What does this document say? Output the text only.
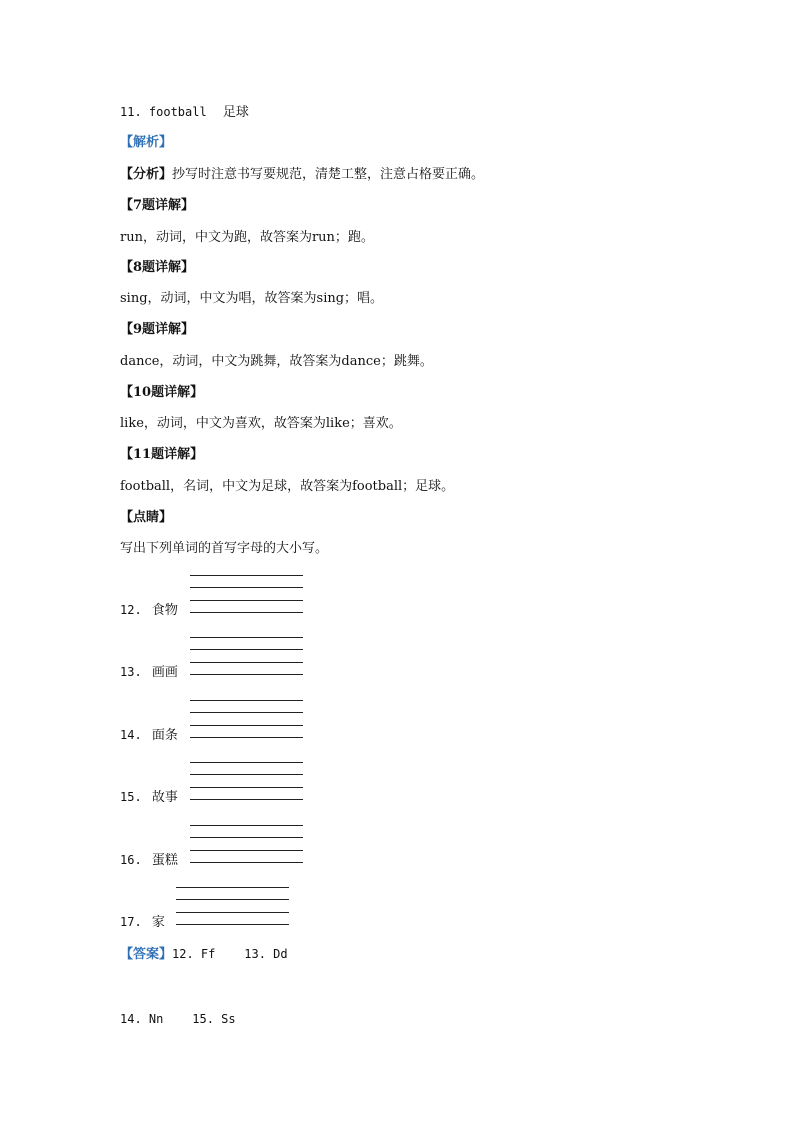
11. football 足球
【解析】
【分析】抄写时注意书写要规范，清楚工整，注意占格要正确。
【7题详解】
run，动词，中文为跑，故答案为run；跑。
【8题详解】
sing，动词，中文为唱，故答案为sing；唱。
【9题详解】
dance，动词，中文为跳舞，故答案为dance；跳舞。
【10题详解】
like，动词，中文为喜欢，故答案为like；喜欢。
【11题详解】
football，名词，中文为足球，故答案为football；足球。
【点睛】
写出下列单词的首写字母的大小写。
12. 食物
13. 画画
14. 面条
15. 故事
16. 蛋糕
17. 家
【答案】12. Ff    13. Dd
14. Nn    15. Ss
